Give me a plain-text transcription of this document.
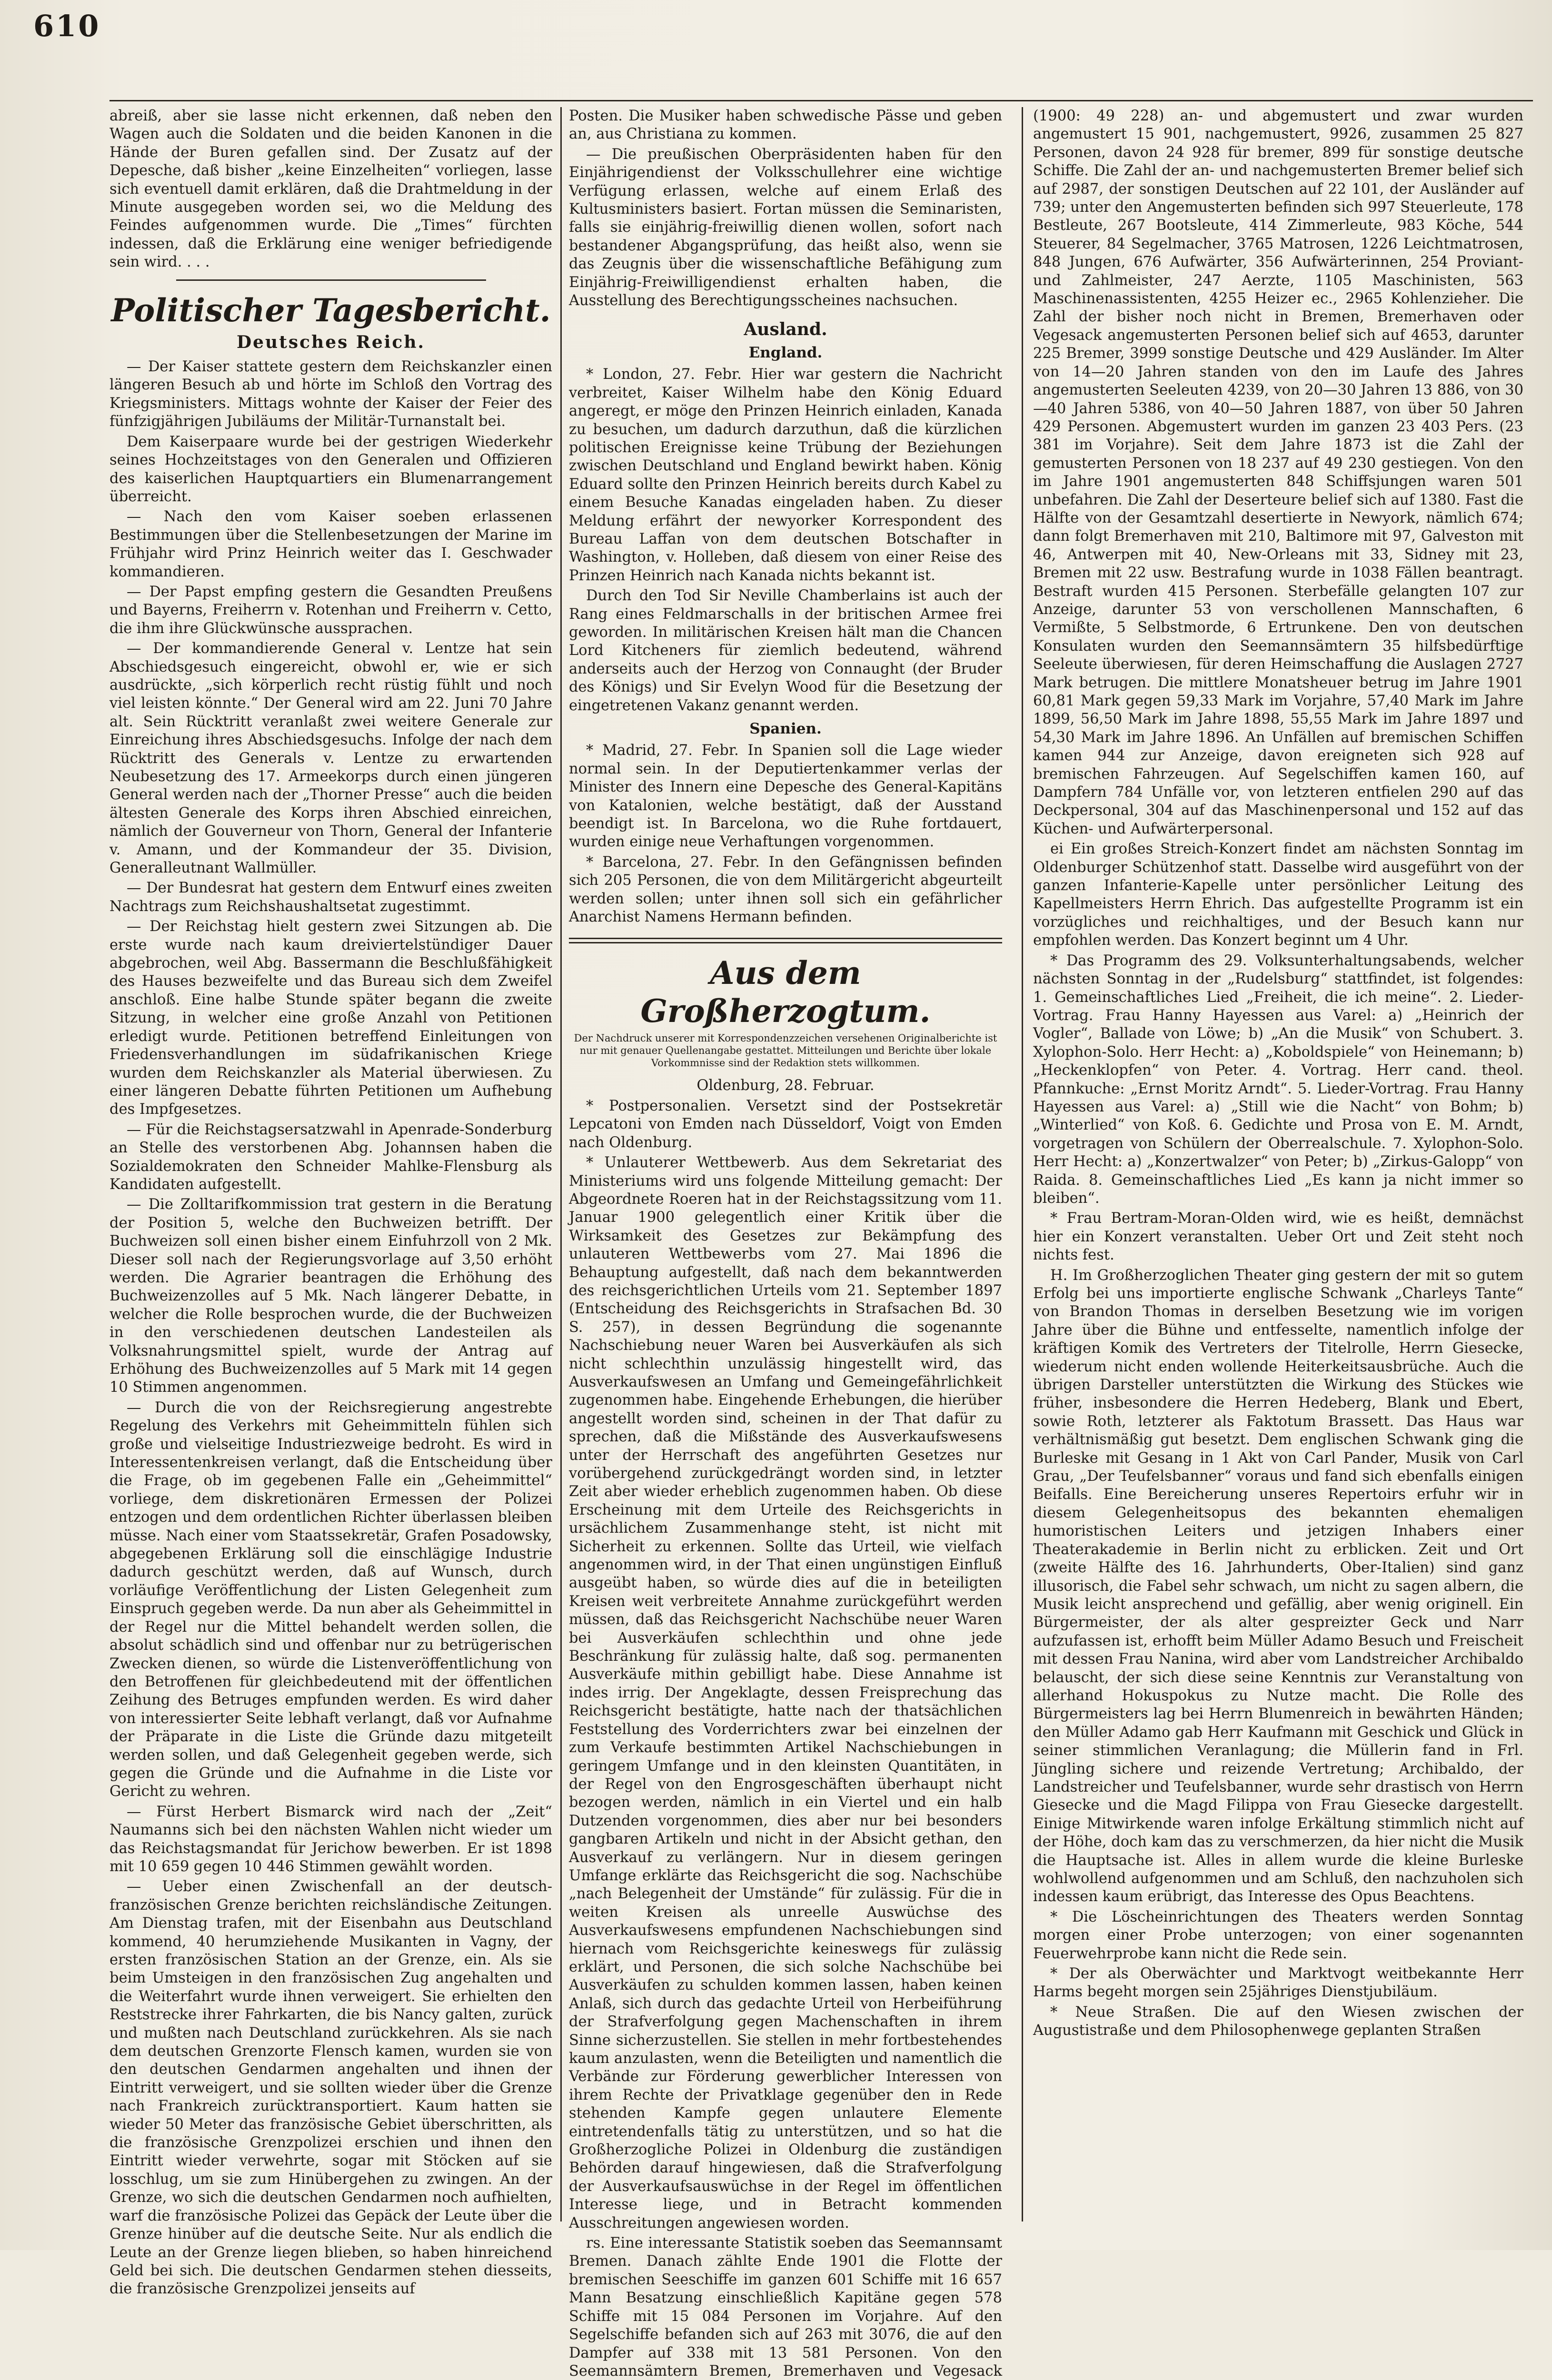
610

abreiß, aber sie lasse nicht erkennen, daß neben den Wagen auch die Soldaten und die beiden Kanonen in die Hände der Buren gefallen sind. Der Zusatz auf der Depesche, daß bisher „keine Einzelheiten“ vorliegen, lasse sich eventuell damit erklären, daß die Drahtmeldung in der Minute ausgegeben worden sei, wo die Meldung des Feindes aufgenommen wurde. Die „Times“ fürchten indessen, daß die Erklärung eine weniger befriedigende sein wird. . . .

Politischer Tagesbericht.
Deutsches Reich.

— Der Kaiser stattete gestern dem Reichskanzler einen längeren Besuch ab und hörte im Schloß den Vortrag des Kriegsministers. Mittags wohnte der Kaiser der Feier des fünfzigjährigen Jubiläums der Militär-Turnanstalt bei.

Dem Kaiserpaare wurde bei der gestrigen Wiederkehr seines Hochzeitstages von den Generalen und Offizieren des kaiserlichen Hauptquartiers ein Blumenarrangement überreicht.

— Nach den vom Kaiser soeben erlassenen Bestimmungen über die Stellenbesetzungen der Marine im Frühjahr wird Prinz Heinrich weiter das I. Geschwader kommandieren.

— Der Papst empfing gestern die Gesandten Preußens und Bayerns, Freiherrn v. Rotenhan und Freiherrn v. Cetto, die ihm ihre Glückwünsche aussprachen.

— Der kommandierende General v. Lentze hat sein Abschiedsgesuch eingereicht, obwohl er, wie er sich ausdrückte, „sich körperlich recht rüstig fühlt und noch viel leisten könnte.“ Der General wird am 22. Juni 70 Jahre alt. Sein Rücktritt veranlaßt zwei weitere Generale zur Einreichung ihres Abschiedsgesuchs. Infolge der nach dem Rücktritt des Generals v. Lentze zu erwartenden Neubesetzung des 17. Armeekorps durch einen jüngeren General werden nach der „Thorner Presse“ auch die beiden ältesten Generale des Korps ihren Abschied einreichen, nämlich der Gouverneur von Thorn, General der Infanterie v. Amann, und der Kommandeur der 35. Division, Generalleutnant Wallmüller.

— Der Bundesrat hat gestern dem Entwurf eines zweiten Nachtrags zum Reichshaushaltsetat zugestimmt.

— Der Reichstag hielt gestern zwei Sitzungen ab. Die erste wurde nach kaum dreiviertelstündiger Dauer abgebrochen, weil Abg. Bassermann die Beschlußfähigkeit des Hauses bezweifelte und das Bureau sich dem Zweifel anschloß. Eine halbe Stunde später begann die zweite Sitzung, in welcher eine große Anzahl von Petitionen erledigt wurde. Petitionen betreffend Einleitungen von Friedensverhandlungen im südafrikanischen Kriege wurden dem Reichskanzler als Material überwiesen. Zu einer längeren Debatte führten Petitionen um Aufhebung des Impfgesetzes.

— Für die Reichstagsersatzwahl in Apenrade-Sonderburg an Stelle des verstorbenen Abg. Johannsen haben die Sozialdemokraten den Schneider Mahlke-Flensburg als Kandidaten aufgestellt.

— Die Zolltarifkommission trat gestern in die Beratung der Position 5, welche den Buchweizen betrifft. Der Buchweizen soll einen bisher einem Einfuhrzoll von 2 Mk. Dieser soll nach der Regierungsvorlage auf 3,50 erhöht werden. Die Agrarier beantragen die Erhöhung des Buchweizenzolles auf 5 Mk. Nach längerer Debatte, in welcher die Rolle besprochen wurde, die der Buchweizen in den verschiedenen deutschen Landesteilen als Volksnahrungsmittel spielt, wurde der Antrag auf Erhöhung des Buchweizenzolles auf 5 Mark mit 14 gegen 10 Stimmen angenommen.

— Durch die von der Reichsregierung angestrebte Regelung des Verkehrs mit Geheimmitteln fühlen sich große und vielseitige Industriezweige bedroht. Es wird in Interessentenkreisen verlangt, daß die Entscheidung über die Frage, ob im gegebenen Falle ein „Geheimmittel“ vorliege, dem diskretionären Ermessen der Polizei entzogen und dem ordentlichen Richter überlassen bleiben müsse. Nach einer vom Staatssekretär, Grafen Posadowsky, abgegebenen Erklärung soll die einschlägige Industrie dadurch geschützt werden, daß auf Wunsch, durch vorläufige Veröffentlichung der Listen Gelegenheit zum Einspruch gegeben werde. Da nun aber als Geheimmittel in der Regel nur die Mittel behandelt werden sollen, die absolut schädlich sind und offenbar nur zu betrügerischen Zwecken dienen, so würde die Listenveröffentlichung von den Betroffenen für gleichbedeutend mit der öffentlichen Zeihung des Betruges empfunden werden. Es wird daher von interessierter Seite lebhaft verlangt, daß vor Aufnahme der Präparate in die Liste die Gründe dazu mitgeteilt werden sollen, und daß Gelegenheit gegeben werde, sich gegen die Gründe und die Aufnahme in die Liste vor Gericht zu wehren.

— Fürst Herbert Bismarck wird nach der „Zeit“ Naumanns sich bei den nächsten Wahlen nicht wieder um das Reichstagsmandat für Jerichow bewerben. Er ist 1898 mit 10 659 gegen 10 446 Stimmen gewählt worden.

— Ueber einen Zwischenfall an der deutsch-französischen Grenze berichten reichsländische Zeitungen. Am Dienstag trafen, mit der Eisenbahn aus Deutschland kommend, 40 herumziehende Musikanten in Vagny, der ersten französischen Station an der Grenze, ein. Als sie beim Umsteigen in den französischen Zug angehalten und die Weiterfahrt wurde ihnen verweigert. Sie erhielten den Reststrecke ihrer Fahrkarten, die bis Nancy galten, zurück und mußten nach Deutschland zurückkehren. Als sie nach dem deutschen Grenzorte Flensch kamen, wurden sie von den deutschen Gendarmen angehalten und ihnen der Eintritt verweigert, und sie sollten wieder über die Grenze nach Frankreich zurücktransportiert. Kaum hatten sie wieder 50 Meter das französische Gebiet überschritten, als die französische Grenzpolizei erschien und ihnen den Eintritt wieder verwehrte, sogar mit Stöcken auf sie losschlug, um sie zum Hinübergehen zu zwingen. An der Grenze, wo sich die deutschen Gendarmen noch aufhielten, warf die französische Polizei das Gepäck der Leute über die Grenze hinüber auf die deutsche Seite. Nur als endlich die Leute an der Grenze liegen blieben, so haben hinreichend Geld bei sich. Die deutschen Gendarmen stehen diesseits, die französische Grenzpolizei jenseits auf

Posten. Die Musiker haben schwedische Pässe und geben an, aus Christiana zu kommen.

— Die preußischen Oberpräsidenten haben für den Einjährigendienst der Volksschullehrer eine wichtige Verfügung erlassen, welche auf einem Erlaß des Kultusministers basiert. Fortan müssen die Seminaristen, falls sie einjährig-freiwillig dienen wollen, sofort nach bestandener Abgangsprüfung, das heißt also, wenn sie das Zeugnis über die wissenschaftliche Befähigung zum Einjährig-Freiwilligendienst erhalten haben, die Ausstellung des Berechtigungsscheines nachsuchen.

Ausland.
England.

* London, 27. Febr. Hier war gestern die Nachricht verbreitet, Kaiser Wilhelm habe den König Eduard angeregt, er möge den Prinzen Heinrich einladen, Kanada zu besuchen, um dadurch darzuthun, daß die kürzlichen politischen Ereignisse keine Trübung der Beziehungen zwischen Deutschland und England bewirkt haben. König Eduard sollte den Prinzen Heinrich bereits durch Kabel zu einem Besuche Kanadas eingeladen haben. Zu dieser Meldung erfährt der newyorker Korrespondent des Bureau Laffan von dem deutschen Botschafter in Washington, v. Holleben, daß diesem von einer Reise des Prinzen Heinrich nach Kanada nichts bekannt ist.

Durch den Tod Sir Neville Chamberlains ist auch der Rang eines Feldmarschalls in der britischen Armee frei geworden. In militärischen Kreisen hält man die Chancen Lord Kitcheners für ziemlich bedeutend, während anderseits auch der Herzog von Connaught (der Bruder des Königs) und Sir Evelyn Wood für die Besetzung der eingetretenen Vakanz genannt werden.

Spanien.

* Madrid, 27. Febr. In Spanien soll die Lage wieder normal sein. In der Deputiertenkammer verlas der Minister des Innern eine Depesche des General-Kapitäns von Katalonien, welche bestätigt, daß der Ausstand beendigt ist. In Barcelona, wo die Ruhe fortdauert, wurden einige neue Verhaftungen vorgenommen.

* Barcelona, 27. Febr. In den Gefängnissen befinden sich 205 Personen, die von dem Militärgericht abgeurteilt werden sollen; unter ihnen soll sich ein gefährlicher Anarchist Namens Hermann befinden.

Aus dem Großherzogtum.

Der Nachdruck unserer mit Korrespondenzzeichen versehenen Originalberichte ist nur mit genauer Quellenangabe gestattet. Mitteilungen und Berichte über lokale Vorkommnisse sind der Redaktion stets willkommen.

Oldenburg, 28. Februar.

* Postpersonalien. Versetzt sind der Postsekretär Lepcatoni von Emden nach Düsseldorf, Voigt von Emden nach Oldenburg.

* Unlauterer Wettbewerb. Aus dem Sekretariat des Ministeriums wird uns folgende Mitteilung gemacht: Der Abgeordnete Roeren hat in der Reichstagssitzung vom 11. Januar 1900 gelegentlich einer Kritik über die Wirksamkeit des Gesetzes zur Bekämpfung des unlauteren Wettbewerbs vom 27. Mai 1896 die Behauptung aufgestellt, daß nach dem bekanntwerden des reichsgerichtlichen Urteils vom 21. September 1897 (Entscheidung des Reichsgerichts in Strafsachen Bd. 30 S. 257), in dessen Begründung die sogenannte Nachschiebung neuer Waren bei Ausverkäufen als sich nicht schlechthin unzulässig hingestellt wird, das Ausverkaufswesen an Umfang und Gemeingefährlichkeit zugenommen habe. Eingehende Erhebungen, die hierüber angestellt worden sind, scheinen in der That dafür zu sprechen, daß die Mißstände des Ausverkaufswesens unter der Herrschaft des angeführten Gesetzes nur vorübergehend zurückgedrängt worden sind, in letzter Zeit aber wieder erheblich zugenommen haben. Ob diese Erscheinung mit dem Urteile des Reichsgerichts in ursächlichem Zusammenhange steht, ist nicht mit Sicherheit zu erkennen. Sollte das Urteil, wie vielfach angenommen wird, in der That einen ungünstigen Einfluß ausgeübt haben, so würde dies auf die in beteiligten Kreisen weit verbreitete Annahme zurückgeführt werden müssen, daß das Reichsgericht Nachschübe neuer Waren bei Ausverkäufen schlechthin und ohne jede Beschränkung für zulässig halte, daß sog. permanenten Ausverkäufe mithin gebilligt habe. Diese Annahme ist indes irrig. Der Angeklagte, dessen Freisprechung das Reichsgericht bestätigte, hatte nach der thatsächlichen Feststellung des Vorderrichters zwar bei einzelnen der zum Verkaufe bestimmten Artikel Nachschiebungen in geringem Umfange und in den kleinsten Quantitäten, in der Regel von den Engrosgeschäften überhaupt nicht bezogen werden, nämlich in ein Viertel und ein halb Dutzenden vorgenommen, dies aber nur bei besonders gangbaren Artikeln und nicht in der Absicht gethan, den Ausverkauf zu verlängern. Nur in diesem geringen Umfange erklärte das Reichsgericht die sog. Nachschübe „nach Belegenheit der Umstände“ für zulässig. Für die in weiten Kreisen als unreelle Auswüchse des Ausverkaufswesens empfundenen Nachschiebungen sind hiernach vom Reichsgerichte keineswegs für zulässig erklärt, und Personen, die sich solche Nachschübe bei Ausverkäufen zu schulden kommen lassen, haben keinen Anlaß, sich durch das gedachte Urteil von Herbeiführung der Strafverfolgung gegen Machenschaften in ihrem Sinne sicherzustellen. Sie stellen in mehr fortbestehendes kaum anzulasten, wenn die Beteiligten und namentlich die Verbände zur Förderung gewerblicher Interessen von ihrem Rechte der Privatklage gegenüber den in Rede stehenden Kampfe gegen unlautere Elemente eintretendenfalls tätig zu unterstützen, und so hat die Großherzogliche Polizei in Oldenburg die zuständigen Behörden darauf hingewiesen, daß die Strafverfolgung der Ausverkaufsauswüchse in der Regel im öffentlichen Interesse liege, und in Betracht kommenden Ausschreitungen angewiesen worden.

rs. Eine interessante Statistik soeben das Seemannsamt Bremen. Danach zählte Ende 1901 die Flotte der bremischen Seeschiffe im ganzen 601 Schiffe mit 16 657 Mann Besatzung einschließlich Kapitäne gegen 578 Schiffe mit 15 084 Personen im Vorjahre. Auf den Segelschiffe befanden sich auf 263 mit 3076, die auf den Dampfer auf 338 mit 13 581 Personen. Von den Seemannsämtern Bremen, Bremerhaven und Vegesack

(1900: 49 228) an- und abgemustert und zwar wurden angemustert 15 901, nachgemustert, 9926, zusammen 25 827 Personen, davon 24 928 für bremer, 899 für sonstige deutsche Schiffe. Die Zahl der an- und nachgemusterten Bremer belief sich auf 2987, der sonstigen Deutschen auf 22 101, der Ausländer auf 739; unter den Angemusterten befinden sich 997 Steuerleute, 178 Bestleute, 267 Bootsleute, 414 Zimmerleute, 983 Köche, 544 Steuerer, 84 Segelmacher, 3765 Matrosen, 1226 Leichtmatrosen, 848 Jungen, 676 Aufwärter, 356 Aufwärterinnen, 254 Proviant- und Zahlmeister, 247 Aerzte, 1105 Maschinisten, 563 Maschinenassistenten, 4255 Heizer ec., 2965 Kohlenzieher. Die Zahl der bisher noch nicht in Bremen, Bremerhaven oder Vegesack angemusterten Personen belief sich auf 4653, darunter 225 Bremer, 3999 sonstige Deutsche und 429 Ausländer. Im Alter von 14—20 Jahren standen von den im Laufe des Jahres angemusterten Seeleuten 4239, von 20—30 Jahren 13 886, von 30—40 Jahren 5386, von 40—50 Jahren 1887, von über 50 Jahren 429 Personen. Abgemustert wurden im ganzen 23 403 Pers. (23 381 im Vorjahre). Seit dem Jahre 1873 ist die Zahl der gemusterten Personen von 18 237 auf 49 230 gestiegen. Von den im Jahre 1901 angemusterten 848 Schiffsjungen waren 501 unbefahren. Die Zahl der Deserteure belief sich auf 1380. Fast die Hälfte von der Gesamtzahl desertierte in Newyork, nämlich 674; dann folgt Bremerhaven mit 210, Baltimore mit 97, Galveston mit 46, Antwerpen mit 40, New-Orleans mit 33, Sidney mit 23, Bremen mit 22 usw. Bestrafung wurde in 1038 Fällen beantragt. Bestraft wurden 415 Personen. Sterbefälle gelangten 107 zur Anzeige, darunter 53 von verschollenen Mannschaften, 6 Vermißte, 5 Selbstmorde, 6 Ertrunkene. Den von deutschen Konsulaten wurden den Seemannsämtern 35 hilfsbedürftige Seeleute überwiesen, für deren Heimschaffung die Auslagen 2727 Mark betrugen. Die mittlere Monatsheuer betrug im Jahre 1901 60,81 Mark gegen 59,33 Mark im Vorjahre, 57,40 Mark im Jahre 1899, 56,50 Mark im Jahre 1898, 55,55 Mark im Jahre 1897 und 54,30 Mark im Jahre 1896. An Unfällen auf bremischen Schiffen kamen 944 zur Anzeige, davon ereigneten sich 928 auf bremischen Fahrzeugen. Auf Segelschiffen kamen 160, auf Dampfern 784 Unfälle vor, von letzteren entfielen 290 auf das Deckpersonal, 304 auf das Maschinenpersonal und 152 auf das Küchen- und Aufwärterpersonal.

ei Ein großes Streich-Konzert findet am nächsten Sonntag im Oldenburger Schützenhof statt. Dasselbe wird ausgeführt von der ganzen Infanterie-Kapelle unter persönlicher Leitung des Kapellmeisters Herrn Ehrich. Das aufgestellte Programm ist ein vorzügliches und reichhaltiges, und der Besuch kann nur empfohlen werden. Das Konzert beginnt um 4 Uhr.

* Das Programm des 29. Volksunterhaltungsabends, welcher nächsten Sonntag in der „Rudelsburg“ stattfindet, ist folgendes: 1. Gemeinschaftliches Lied „Freiheit, die ich meine“. 2. Lieder-Vortrag. Frau Hanny Hayessen aus Varel: a) „Heinrich der Vogler“, Ballade von Löwe; b) „An die Musik“ von Schubert. 3. Xylophon-Solo. Herr Hecht: a) „Koboldspiele“ von Heinemann; b) „Heckenklopfen“ von Peter. 4. Vortrag. Herr cand. theol. Pfannkuche: „Ernst Moritz Arndt“. 5. Lieder-Vortrag. Frau Hanny Hayessen aus Varel: a) „Still wie die Nacht“ von Bohm; b) „Winterlied“ von Koß. 6. Gedichte und Prosa von E. M. Arndt, vorgetragen von Schülern der Oberrealschule. 7. Xylophon-Solo. Herr Hecht: a) „Konzertwalzer“ von Peter; b) „Zirkus-Galopp“ von Raida. 8. Gemeinschaftliches Lied „Es kann ja nicht immer so bleiben“.

* Frau Bertram-Moran-Olden wird, wie es heißt, demnächst hier ein Konzert veranstalten. Ueber Ort und Zeit steht noch nichts fest.

H. Im Großherzoglichen Theater ging gestern der mit so gutem Erfolg bei uns importierte englische Schwank „Charleys Tante“ von Brandon Thomas in derselben Besetzung wie im vorigen Jahre über die Bühne und entfesselte, namentlich infolge der kräftigen Komik des Vertreters der Titelrolle, Herrn Giesecke, wiederum nicht enden wollende Heiterkeitsausbrüche. Auch die übrigen Darsteller unterstützten die Wirkung des Stückes wie früher, insbesondere die Herren Hedeberg, Blank und Ebert, sowie Roth, letzterer als Faktotum Brassett. Das Haus war verhältnismäßig gut besetzt. Dem englischen Schwank ging die Burleske mit Gesang in 1 Akt von Carl Pander, Musik von Carl Grau, „Der Teufelsbanner“ voraus und fand sich ebenfalls einigen Beifalls. Eine Bereicherung unseres Repertoirs erfuhr wir in diesem Gelegenheitsopus des bekannten ehemaligen humoristischen Leiters und jetzigen Inhabers einer Theaterakademie in Berlin nicht zu erblicken. Zeit und Ort (zweite Hälfte des 16. Jahrhunderts, Ober-Italien) sind ganz illusorisch, die Fabel sehr schwach, um nicht zu sagen albern, die Musik leicht ansprechend und gefällig, aber wenig originell. Ein Bürgermeister, der als alter gespreizter Geck und Narr aufzufassen ist, erhofft beim Müller Adamo Besuch und Freischeit mit dessen Frau Nanina, wird aber vom Landstreicher Archibaldo belauscht, der sich diese seine Kenntnis zur Veranstaltung von allerhand Hokuspokus zu Nutze macht. Die Rolle des Bürgermeisters lag bei Herrn Blumenreich in bewährten Händen; den Müller Adamo gab Herr Kaufmann mit Geschick und Glück in seiner stimmlichen Veranlagung; die Müllerin fand in Frl. Jüngling sichere und reizende Vertretung; Archibaldo, der Landstreicher und Teufelsbanner, wurde sehr drastisch von Herrn Giesecke und die Magd Filippa von Frau Giesecke dargestellt. Einige Mitwirkende waren infolge Erkältung stimmlich nicht auf der Höhe, doch kam das zu verschmerzen, da hier nicht die Musik die Hauptsache ist. Alles in allem wurde die kleine Burleske wohlwollend aufgenommen und am Schluß, den nachzuholen sich indessen kaum erübrigt, das Interesse des Opus Beachtens.

* Die Löscheinrichtungen des Theaters werden Sonntag morgen einer Probe unterzogen; von einer sogenannten Feuerwehrprobe kann nicht die Rede sein.

* Der als Oberwächter und Marktvogt weitbekannte Herr Harms begeht morgen sein 25jähriges Dienstjubiläum.

* Neue Straßen. Die auf den Wiesen zwischen der Augustistraße und dem Philosophenwege geplanten Straßen
